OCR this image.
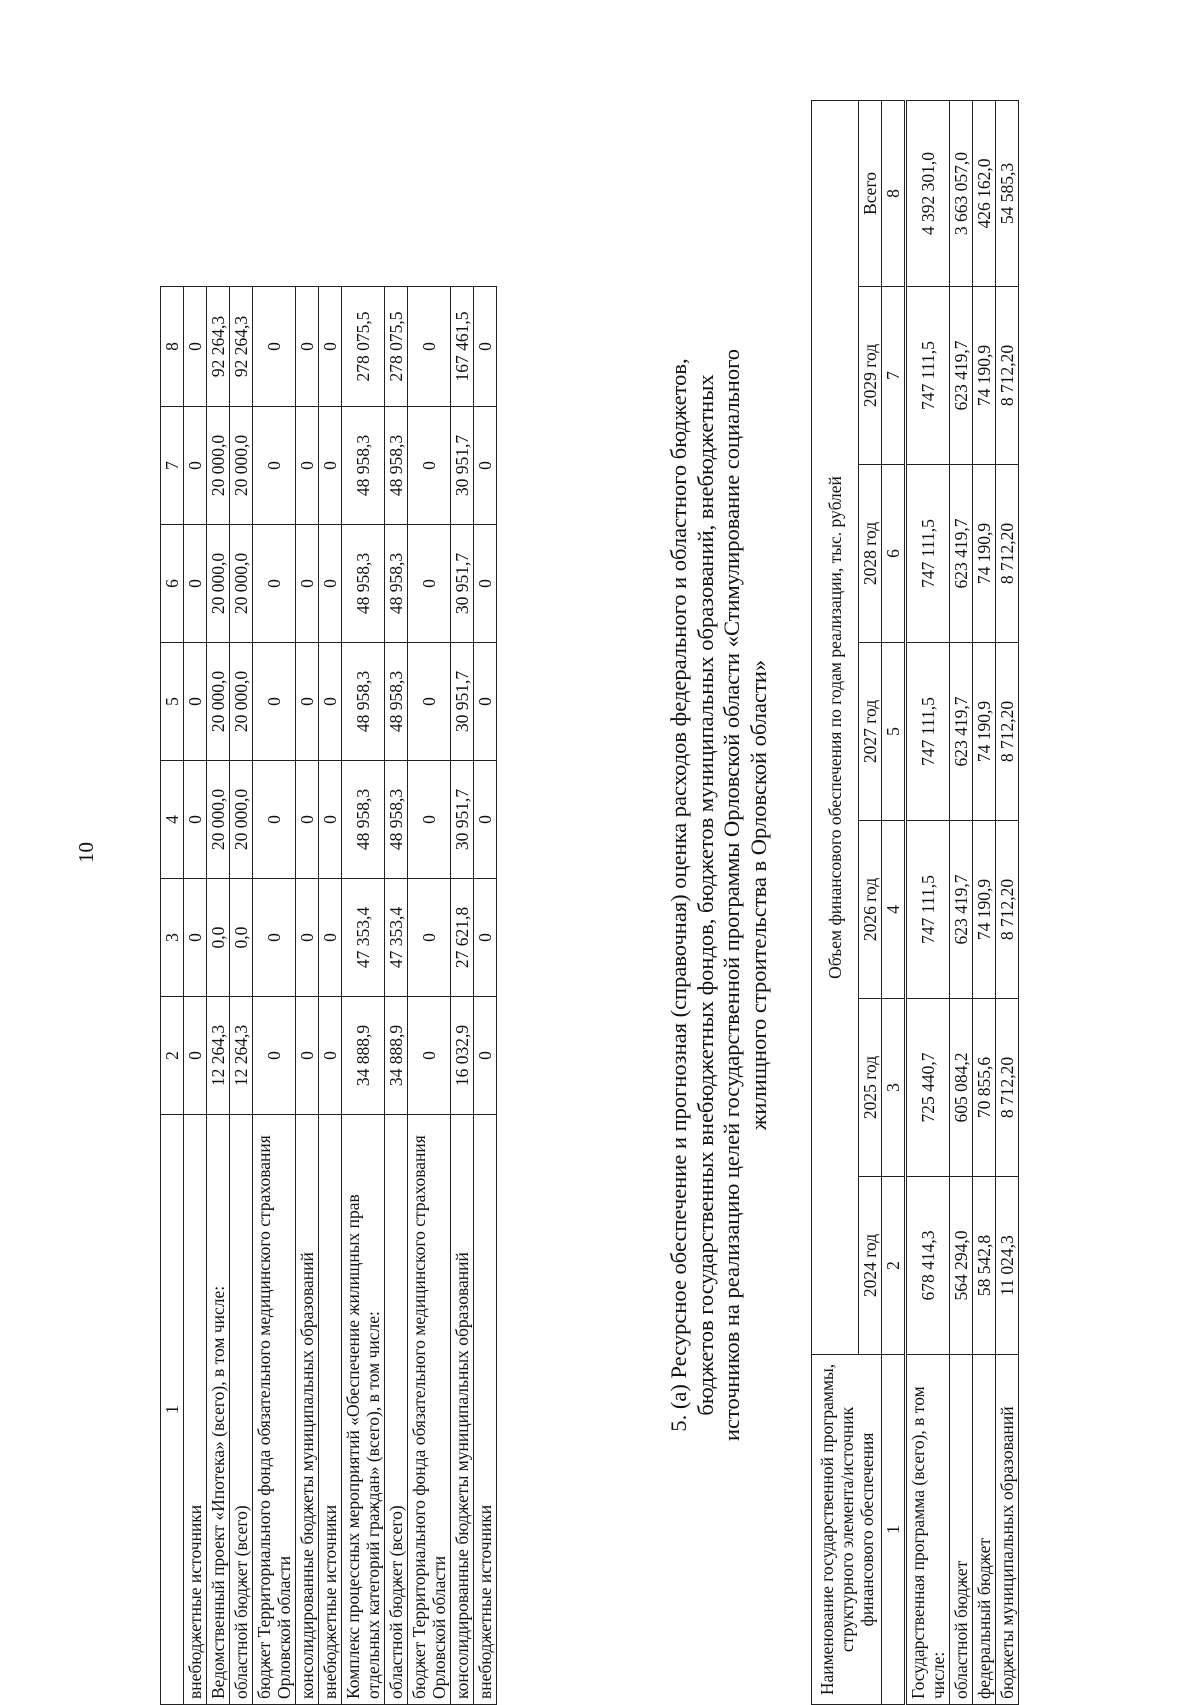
10
1	2	3	4	5	6	7	8
внебюджетные источники	0	0	0	0	0	0	0
Ведомственный проект «Ипотека» (всего), в том числе:	12 264,3	0,0	20 000,0	20 000,0	20 000,0	20 000,0	92 264,3
областной бюджет (всего)	12 264,3	0,0	20 000,0	20 000,0	20 000,0	20 000,0	92 264,3
бюджет Территориального фонда обязательного медицинского страхования Орловской области	0	0	0	0	0	0	0
консолидированные бюджеты муниципальных образований	0	0	0	0	0	0	0
внебюджетные источники	0	0	0	0	0	0	0
Комплекс процессных мероприятий «Обеспечение жилищных прав отдельных категорий граждан» (всего), в том числе:	34 888,9	47 353,4	48 958,3	48 958,3	48 958,3	48 958,3	278 075,5
областной бюджет (всего)	34 888,9	47 353,4	48 958,3	48 958,3	48 958,3	48 958,3	278 075,5
бюджет Территориального фонда обязательного медицинского страхования Орловской области	0	0	0	0	0	0	0
консолидированные бюджеты муниципальных образований	16 032,9	27 621,8	30 951,7	30 951,7	30 951,7	30 951,7	167 461,5
внебюджетные источники	0	0	0	0	0	0	0
5. (а) Ресурсное обеспечение и прогнозная (справочная) оценка расходов федерального и областного бюджетов, бюджетов государственных внебюджетных фондов, бюджетов муниципальных образований, внебюджетных источников на реализацию целей государственной программы Орловской области «Стимулирование социального жилищного строительства в Орловской области»
Наименование государственной программы, структурного элемента/источник финансового обеспечения	Объем финансового обеспечения по годам реализации, тыс. рублей						
	2024 год	2025 год	2026 год	2027 год	2028 год	2029 год	Всего
1	2	3	4	5	6	7	8
Государственная программа (всего), в том числе:	678 414,3	725 440,7	747 111,5	747 111,5	747 111,5	747 111,5	4 392 301,0
областной бюджет	564 294,0	605 084,2	623 419,7	623 419,7	623 419,7	623 419,7	3 663 057,0
федеральный бюджет	58 542,8	70 855,6	74 190,9	74 190,9	74 190,9	74 190,9	426 162,0
бюджеты муниципальных образований	11 024,3	8 712,20	8 712,20	8 712,20	8 712,20	8 712,20	54 585,3
